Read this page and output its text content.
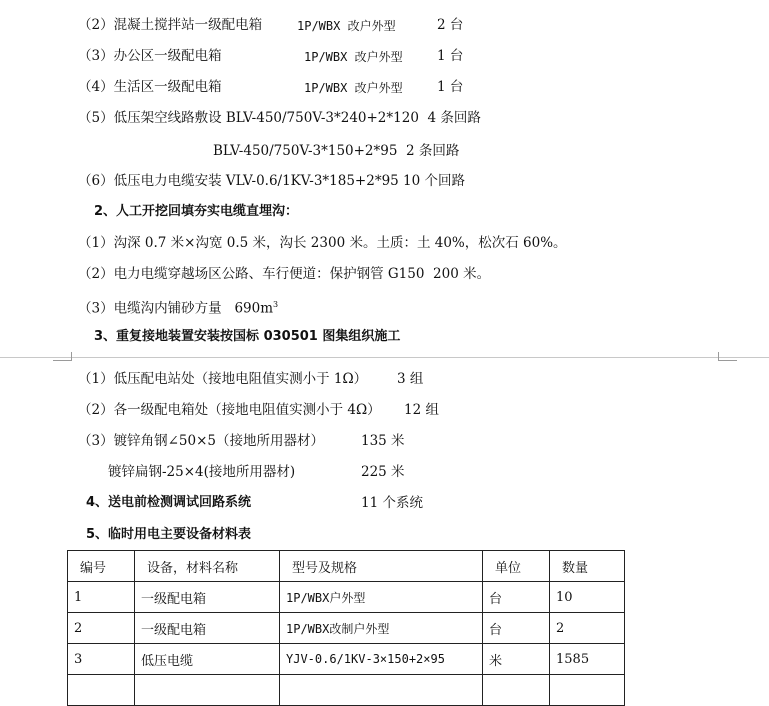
（2）混凝土搅拌站一级配电箱	1P/WBX 改户外型	2 台
（3）办公区一级配电箱	1P/WBX 改户外型	1 台
（4）生活区一级配电箱	1P/WBX 改户外型	1 台
（5）低压架空线路敷设 BLV-450/750V-3*240+2*120  4 条回路
BLV-450/750V-3*150+2*95  2 条回路
（6）低压电力电缆安装 VLV-0.6/1KV-3*185+2*95 10 个回路
2、人工开挖回填夯实电缆直埋沟：
（1）沟深 0.7 米×沟宽 0.5 米，沟长 2300 米。土质：土 40%，松次石 60%。
（2）电力电缆穿越场区公路、车行便道：保护钢管 G150  200 米。
（3）电缆沟内铺砂方量   $690m^3$
3、重复接地装置安装按国标 030501 图集组织施工
（1）低压配电站处（接地电阻值实测小于 1Ω） 3 组
（2）各一级配电箱处（接地电阻值实测小于 4Ω） 12 组
（3）镀锌角钢∠50×5（接地所用器材）	135 米
镀锌扁钢-25×4(接地所用器材)	225 米
4、送电前检测调试回路系统	11 个系统
5、临时用电主要设备材料表
编号	设备，材料名称	型号及规格	单位	数量
1	一级配电箱	1P/WBX户外型	台	10
2	一级配电箱	1P/WBX改制户外型	台	2
3	低压电缆	YJV-0.6/1KV-3×150+2×95	米	1585
